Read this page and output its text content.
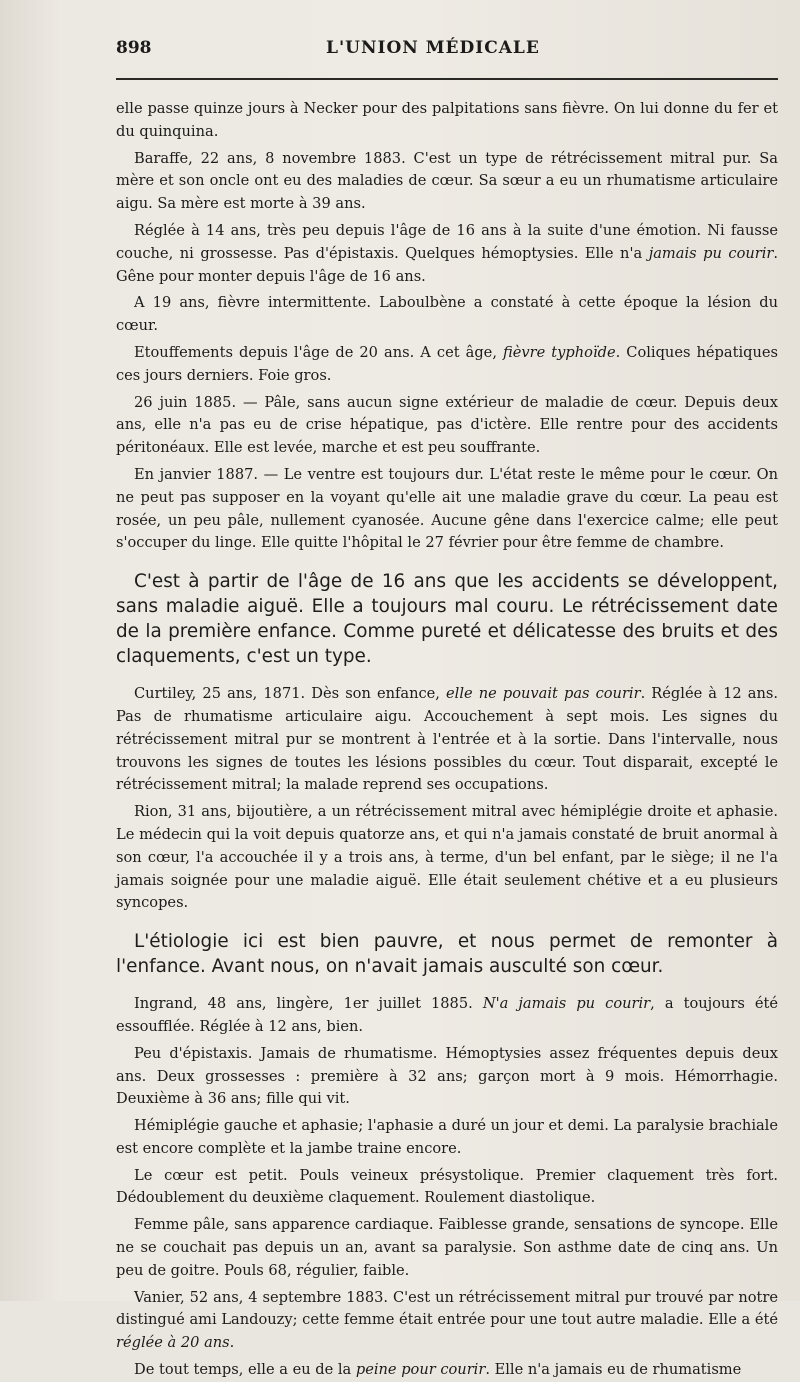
898	L'UNION MÉDICALE

elle passe quinze jours à Necker pour des palpitations sans fièvre. On lui donne du fer et du quinquina.

Baraffe, 22 ans, 8 novembre 1883. C'est un type de rétrécissement mitral pur. Sa mère et son oncle ont eu des maladies de cœur. Sa sœur a eu un rhumatisme articulaire aigu. Sa mère est morte à 39 ans.

Réglée à 14 ans, très peu depuis l'âge de 16 ans à la suite d'une émotion. Ni fausse couche, ni grossesse. Pas d'épistaxis. Quelques hémoptysies. Elle n'a jamais pu courir. Gêne pour monter depuis l'âge de 16 ans.

A 19 ans, fièvre intermittente. Laboulbène a constaté à cette époque la lésion du cœur.

Etouffements depuis l'âge de 20 ans. A cet âge, fièvre typhoïde. Coliques hépatiques ces jours derniers. Foie gros.

26 juin 1885. — Pâle, sans aucun signe extérieur de maladie de cœur. Depuis deux ans, elle n'a pas eu de crise hépatique, pas d'ictère. Elle rentre pour des accidents péritonéaux. Elle est levée, marche et est peu souffrante.

En janvier 1887. — Le ventre est toujours dur. L'état reste le même pour le cœur. On ne peut pas supposer en la voyant qu'elle ait une maladie grave du cœur. La peau est rosée, un peu pâle, nullement cyanosée. Aucune gêne dans l'exercice calme; elle peut s'occuper du linge. Elle quitte l'hôpital le 27 février pour être femme de chambre.

C'est à partir de l'âge de 16 ans que les accidents se développent, sans maladie aiguë. Elle a toujours mal couru. Le rétrécissement date de la première enfance. Comme pureté et délicatesse des bruits et des claquements, c'est un type.

Curtiley, 25 ans, 1871. Dès son enfance, elle ne pouvait pas courir. Réglée à 12 ans. Pas de rhumatisme articulaire aigu. Accouchement à sept mois. Les signes du rétrécissement mitral pur se montrent à l'entrée et à la sortie. Dans l'intervalle, nous trouvons les signes de toutes les lésions possibles du cœur. Tout disparait, excepté le rétrécissement mitral; la malade reprend ses occupations.

Rion, 31 ans, bijoutière, a un rétrécissement mitral avec hémiplégie droite et aphasie. Le médecin qui la voit depuis quatorze ans, et qui n'a jamais constaté de bruit anormal à son cœur, l'a accouchée il y a trois ans, à terme, d'un bel enfant, par le siège; il ne l'a jamais soignée pour une maladie aiguë. Elle était seulement chétive et a eu plusieurs syncopes.

L'étiologie ici est bien pauvre, et nous permet de remonter à l'enfance. Avant nous, on n'avait jamais ausculté son cœur.

Ingrand, 48 ans, lingère, 1er juillet 1885. N'a jamais pu courir, a toujours été essoufflée. Réglée à 12 ans, bien.

Peu d'épistaxis. Jamais de rhumatisme. Hémoptysies assez fréquentes depuis deux ans. Deux grossesses : première à 32 ans; garçon mort à 9 mois. Hémorrhagie. Deuxième à 36 ans; fille qui vit.

Hémiplégie gauche et aphasie; l'aphasie a duré un jour et demi. La paralysie brachiale est encore complète et la jambe traine encore.

Le cœur est petit. Pouls veineux présystolique. Premier claquement très fort. Dédoublement du deuxième claquement. Roulement diastolique.

Femme pâle, sans apparence cardiaque. Faiblesse grande, sensations de syncope. Elle ne se couchait pas depuis un an, avant sa paralysie. Son asthme date de cinq ans. Un peu de goitre. Pouls 68, régulier, faible.

Vanier, 52 ans, 4 septembre 1883. C'est un rétrécissement mitral pur trouvé par notre distingué ami Landouzy; cette femme était entrée pour une tout autre maladie. Elle a été réglée à 20 ans.

De tout temps, elle a eu de la peine pour courir. Elle n'a jamais eu de rhumatisme
